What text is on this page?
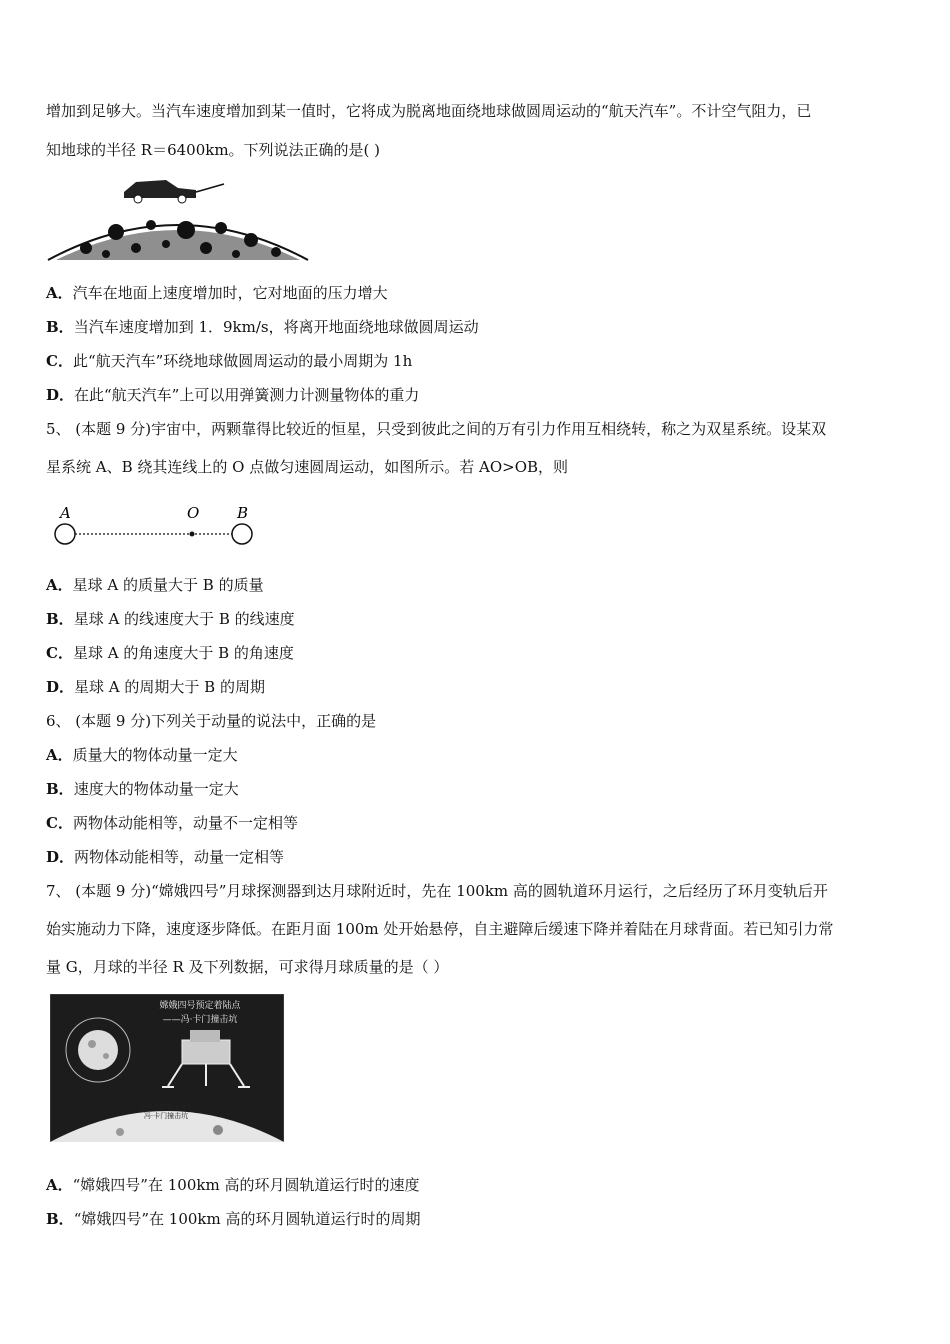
增加到足够大。当汽车速度增加到某一值时，它将成为脱离地面绕地球做圆周运动的“航天汽车”。不计空气阻力，已
知地球的半径 R＝6400km。下列说法正确的是( )
A．汽车在地面上速度增加时，它对地面的压力增大
B．当汽车速度增加到 1．9km/s，将离开地面绕地球做圆周运动
C．此“航天汽车”环绕地球做圆周运动的最小周期为 1h
D．在此“航天汽车”上可以用弹簧测力计测量物体的重力
5、 (本题 9 分)宇宙中，两颗靠得比较近的恒星，只受到彼此之间的万有引力作用互相绕转，称之为双星系统。设某双
星系统 A、B 绕其连线上的 O 点做匀速圆周运动，如图所示。若 AO>OB，则
A	O	B
A．星球 A 的质量大于 B 的质量
B．星球 A 的线速度大于 B 的线速度
C．星球 A 的角速度大于 B 的角速度
D．星球 A 的周期大于 B 的周期
6、 (本题 9 分)下列关于动量的说法中，正确的是
A．质量大的物体动量一定大
B．速度大的物体动量一定大
C．两物体动能相等，动量不一定相等
D．两物体动能相等，动量一定相等
7、 (本题 9 分)“嫦娥四号”月球探测器到达月球附近时，先在 100km 高的圆轨道环月运行，之后经历了环月变轨后开
始实施动力下降，速度逐步降低。在距月面 100m 处开始悬停，自主避障后缓速下降并着陆在月球背面。若已知引力常
量 G，月球的半径 R 及下列数据，可求得月球质量的是（ ）
嫦娥四号预定着陆点
——冯·卡门撞击坑
月球背面着陆地点
冯·卡门撞击坑
A．“嫦娥四号”在 100km 高的环月圆轨道运行时的速度
B．“嫦娥四号”在 100km 高的环月圆轨道运行时的周期
